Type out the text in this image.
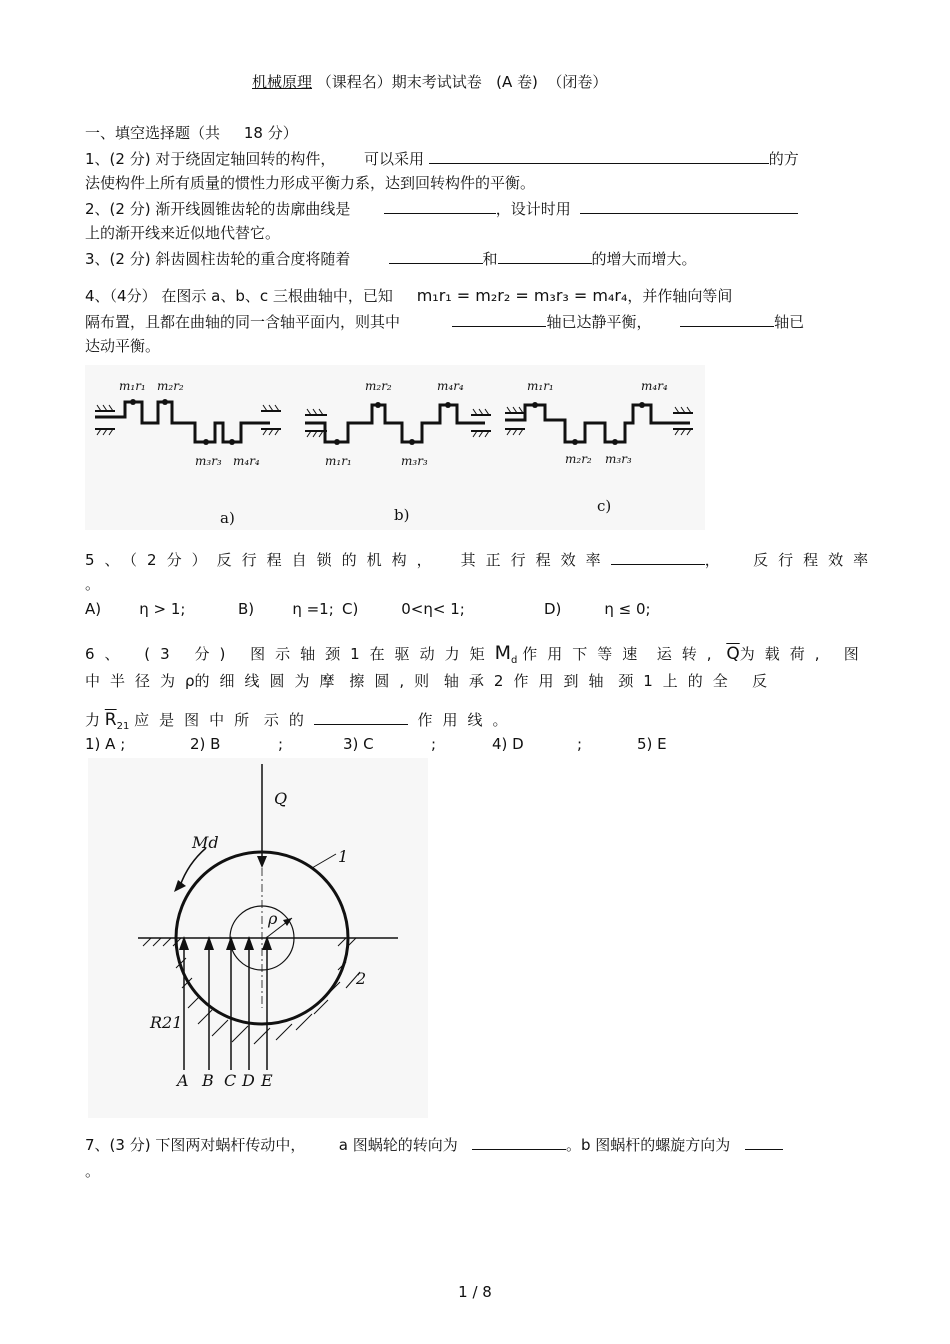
机械原理 （课程名）期末考试试卷 (A 卷) （闭卷）
一、填空选择题（共 18 分）
1、(2 分) 对于绕固定轴回转的构件， 可以采用	的方
法使构件上所有质量的惯性力形成平衡力系，达到回转构件的平衡。
2、(2 分) 渐开线圆锥齿轮的齿廓曲线是	，设计时用
上的渐开线来近似地代替它。
3、(2 分) 斜齿圆柱齿轮的重合度将随着	和	的增大而增大。
4、（4分） 在图示 a、b、c 三根曲轴中，已知 m₁r₁ = m₂r₂ = m₃r₃ = m₄r₄，并作轴向等间
隔布置，且都在曲轴的同一含轴平面内，则其中	轴已达静平衡，	轴已
达动平衡。
m₁r₁ m₂r₂
m₃r₃ m₄r₄
m₂r₂	m₄r₄
m₁r₁	m₃r₃
m₁r₁	m₄r₄
m₂r₂ m₃r₃
a)	b)	c)
5、（2分）反行程自锁的机构， 其正行程效率	， 反行程效率
。
A)	η > 1;	B)	η =1; C)	0<η< 1;	D)	η ≤ 0;
6、 (3 分) 图示轴颈1在驱动力矩$M_d$ 作用下等速 运转, $\overline{Q}$为载荷, 图
中半径为ρ的细线圆为摩 擦圆,则 轴承2作用到轴 颈1上的全 反
力 $\overline{R}_{21}$ 应是图中所 示的	作用线。
1) A ;	2) B	;	3) C	;	4) D	;	5) E
Q
Md
1
2
ρ
R21
A B C D E
7、(3 分) 下图两对蜗杆传动中， a 图蜗轮的转向为	。b 图蜗杆的螺旋方向为
。
1 / 8
